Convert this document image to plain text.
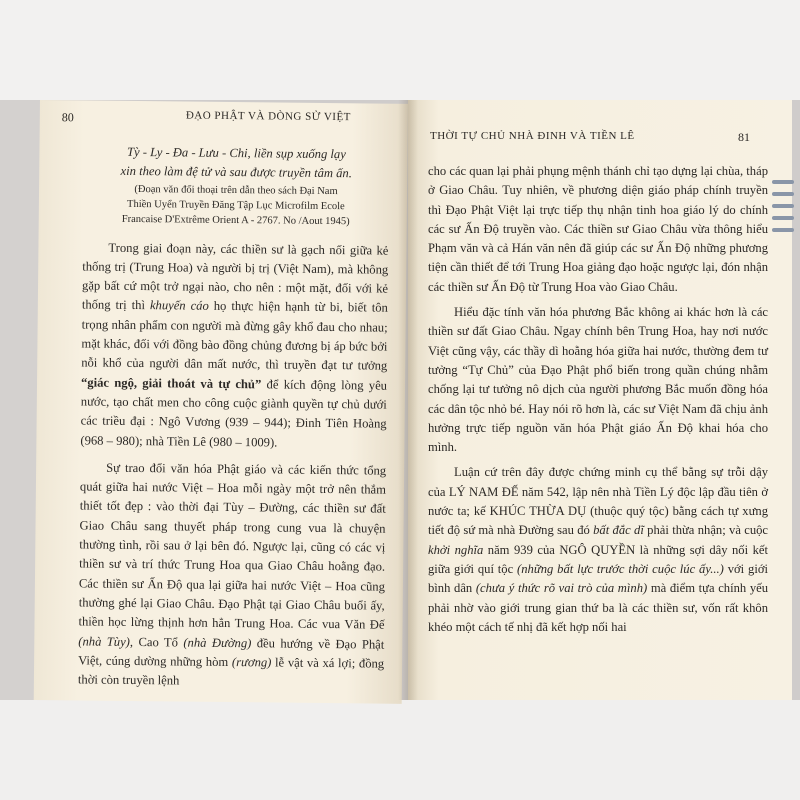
80	ĐẠO PHẬT VÀ DÒNG SỬ VIỆT

Tỳ - Ly - Đa - Lưu - Chi, liền sụp xuống lạy

xin theo làm đệ tử và sau được truyền tâm ấn.

(Đoạn văn đối thoại trên dẫn theo sách Đại Nam

Thiền Uyển Truyền Đăng Tập Lục Microfilm Ecole

Francaise D'Extrême Orient A - 2767. No /Aout 1945)

Trong giai đoạn này, các thiền sư là gạch nối giữa kẻ thống trị (Trung Hoa) và người bị trị (Việt Nam), mà không gặp bất cứ một trở ngại nào, cho nên : một mặt, đối với kẻ thống trị thì khuyến cáo họ thực hiện hạnh từ bi, biết tôn trọng nhân phẩm con người mà đừng gây khổ đau cho nhau; mặt khác, đối với đồng bào đồng chủng đương bị áp bức bởi nỗi khổ của người dân mất nước, thì truyền đạt tư tưởng “giác ngộ, giải thoát và tự chủ” để kích động lòng yêu nước, tạo chất men cho công cuộc giành quyền tự chủ dưới các triều đại : Ngô Vương (939 – 944); Đinh Tiên Hoàng (968 – 980); nhà Tiền Lê (980 – 1009).

Sự trao đổi văn hóa Phật giáo và các kiến thức tổng quát giữa hai nước Việt – Hoa mỗi ngày một trở nên thắm thiết tốt đẹp : vào thời đại Tùy – Đường, các thiền sư đất Giao Châu sang thuyết pháp trong cung vua là chuyện thường tình, rồi sau ở lại bên đó. Ngược lại, cũng có các vị thiền sư và trí thức Trung Hoa qua Giao Châu hoằng đạo. Các thiền sư Ấn Độ qua lại giữa hai nước Việt – Hoa cũng thường ghé lại Giao Châu. Đạo Phật tại Giao Châu buổi ấy, thiền học lừng thịnh hơn hẳn Trung Hoa. Các vua Văn Đế (nhà Tùy), Cao Tổ (nhà Đường) đều hướng về Đạo Phật Việt, cúng dường những hòm (rương) lễ vật và xá lợi; đồng thời còn truyền lệnh

THỜI TỰ CHỦ NHÀ ĐINH VÀ TIỀN LÊ	81

cho các quan lại phải phụng mệnh thánh chỉ tạo dựng lại chùa, tháp ở Giao Châu. Tuy nhiên, về phương diện giáo pháp chính truyền thì Đạo Phật Việt lại trực tiếp thụ nhận tinh hoa giáo lý do chính các sư Ấn Độ truyền vào. Các thiền sư Giao Châu vừa thông hiểu Phạm văn và cả Hán văn nên đã giúp các sư Ấn Độ những phương tiện cần thiết để tới Trung Hoa giảng đạo hoặc ngược lại, đón nhận các thiền sư Ấn Độ từ Trung Hoa vào Giao Châu.

Hiểu đặc tính văn hóa phương Bắc không ai khác hơn là các thiền sư đất Giao Châu. Ngay chính bên Trung Hoa, hay nơi nước Việt cũng vậy, các thầy dì hoằng hóa giữa hai nước, thường đem tư tưởng “Tự Chủ” của Đạo Phật phổ biến trong quần chúng nhằm chống lại tư tưởng nô dịch của người phương Bắc muốn đồng hóa các dân tộc nhỏ bé. Hay nói rõ hơn là, các sư Việt Nam đã chịu ảnh hưởng trực tiếp nguồn văn hóa Phật giáo Ấn Độ khai hóa cho mình.

Luận cứ trên đây được chứng minh cụ thể bằng sự trỗi dậy của LÝ NAM ĐẾ năm 542, lập nên nhà Tiền Lý độc lập đầu tiên ở nước ta; kế KHÚC THỪA DỤ (thuộc quý tộc) bằng cách tự xưng tiết độ sứ mà nhà Đường sau đó bất đắc dĩ phải thừa nhận; và cuộc khởi nghĩa năm 939 của NGÔ QUYỀN là những sợi dây nối kết giữa giới quí tộc (những bất lực trước thời cuộc lúc ấy...) với giới bình dân (chưa ý thức rõ vai trò của mình) mà điểm tựa chính yếu phải nhờ vào giới trung gian thứ ba là các thiền sư, vốn rất khôn khéo một cách tế nhị đã kết hợp nối hai
